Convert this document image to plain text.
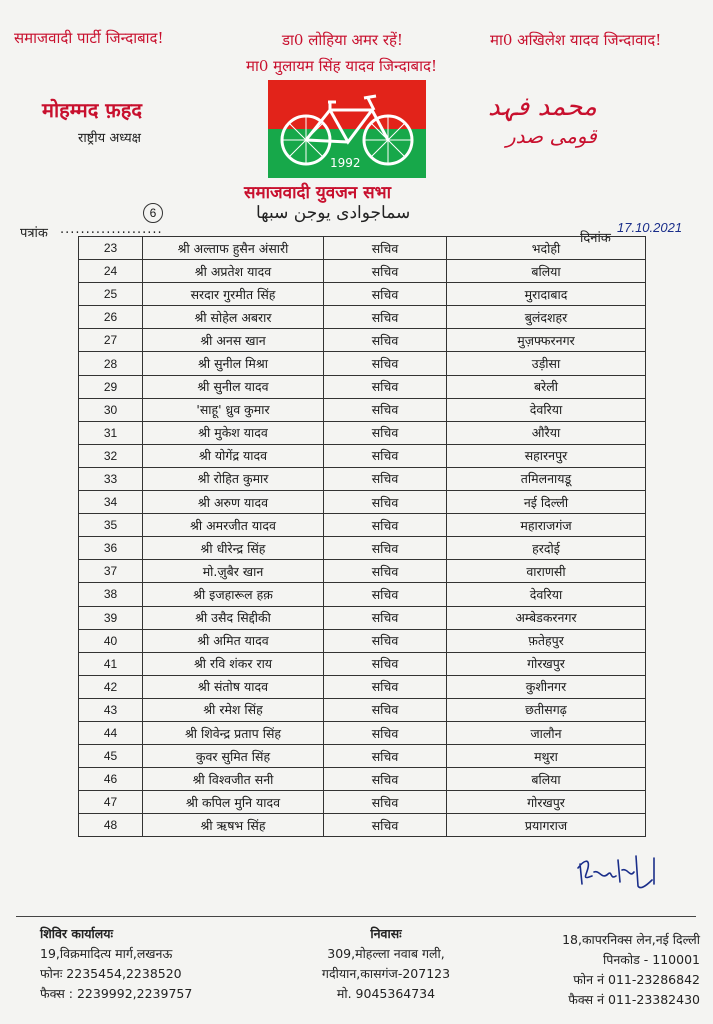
समाजवादी पार्टी जिन्दाबाद!	डा0 लोहिया अमर रहें!	मा0 अखिलेश यादव जिन्दावाद!
मा0 मुलायम सिंह यादव जिन्दाबाद!
मोहम्मद फ़हद
राष्ट्रीय अध्यक्ष
محمد فہد
قومی صدر
1992
समाजवादी युवजन सभा
سماجوادی یوجن سبھا
6
पत्रांक ....................
दिनांक
17.10.2021
23	श्री अल्ताफ हुसैन अंसारी	सचिव	भदोही
24	श्री अप्रतेश यादव	सचिव	बलिया
25	सरदार गुरमीत सिंह	सचिव	मुरादाबाद
26	श्री सोहेल अबरार	सचिव	बुलंदशहर
27	श्री अनस खान	सचिव	मुज़फ्फरनगर
28	श्री सुनील मिश्रा	सचिव	उड़ीसा
29	श्री सुनील यादव	सचिव	बरेली
30	'साहू' ध्रुव कुमार	सचिव	देवरिया
31	श्री मुकेश यादव	सचिव	औरैया
32	श्री योगेंद्र यादव	सचिव	सहारनपुर
33	श्री रोहित कुमार	सचिव	तमिलनायडू
34	श्री अरुण यादव	सचिव	नई दिल्ली
35	श्री अमरजीत यादव	सचिव	महाराजगंज
36	श्री धीरेन्द्र सिंह	सचिव	हरदोई
37	मो.ज़ुबैर खान	सचिव	वाराणसी
38	श्री इजहारूल हक़	सचिव	देवरिया
39	श्री उसैद सिद्दीकी	सचिव	अम्बेडकरनगर
40	श्री अमित यादव	सचिव	फ़तेहपुर
41	श्री रवि शंकर राय	सचिव	गोरखपुर
42	श्री संतोष यादव	सचिव	कुशीनगर
43	श्री रमेश सिंह	सचिव	छतीसगढ़
44	श्री शिवेन्द्र प्रताप सिंह	सचिव	जालौन
45	कुवर सुमित सिंह	सचिव	मथुरा
46	श्री विश्वजीत सनी	सचिव	बलिया
47	श्री कपिल मुनि यादव	सचिव	गोरखपुर
48	श्री ऋषभ सिंह	सचिव	प्रयागराज
शिविर कार्यालयः
19,विक्रमादित्य मार्ग,लखनऊ
फोनः 2235454,2238520
फैक्स : 2239992,2239757
निवासः
309,मोहल्ला नवाब गली,
गदीयान,कासगंज-207123
मो. 9045364734
18,कापरनिक्स लेन,नई दिल्ली
पिनकोड - 110001
फोन नं 011-23286842
फैक्स नं 011-23382430
